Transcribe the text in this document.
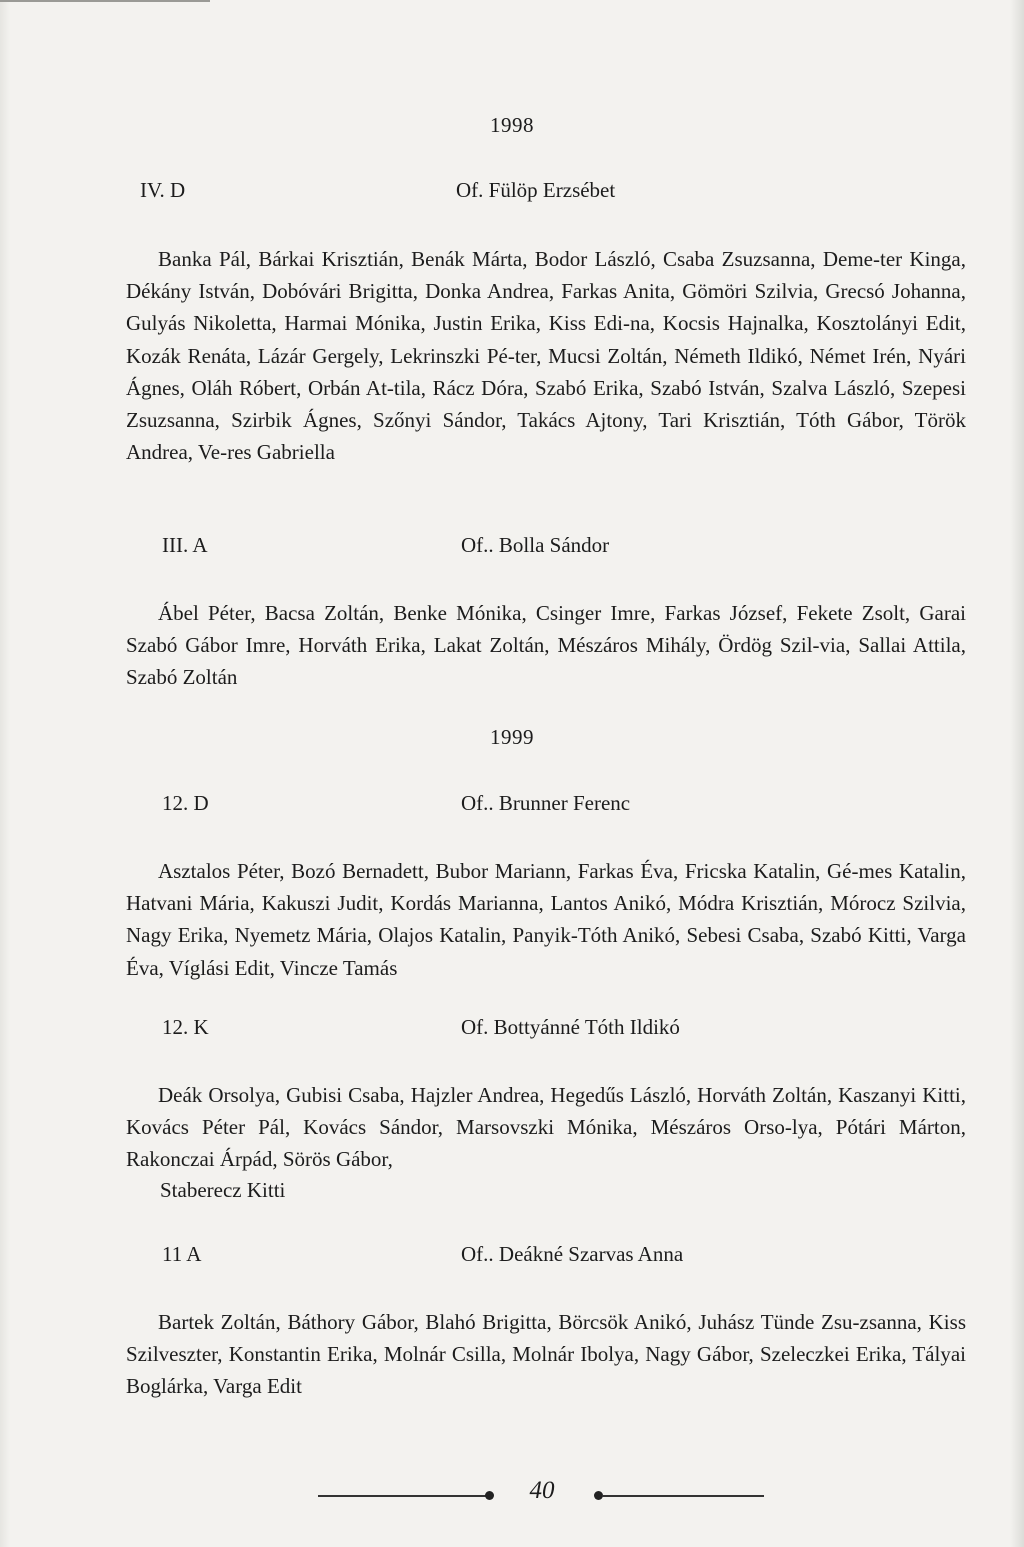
1998
IV. D	Of. Fülöp Erzsébet

Banka Pál, Bárkai Krisztián, Benák Márta, Bodor László, Csaba Zsuzsanna, Deme-ter Kinga, Dékány István, Dobóvári Brigitta, Donka Andrea, Farkas Anita, Gömöri Szilvia, Grecsó Johanna, Gulyás Nikoletta, Harmai Mónika, Justin Erika, Kiss Edi-na, Kocsis Hajnalka, Kosztolányi Edit, Kozák Renáta, Lázár Gergely, Lekrinszki Pé-ter, Mucsi Zoltán, Németh Ildikó, Német Irén, Nyári Ágnes, Oláh Róbert, Orbán At-tila, Rácz Dóra, Szabó Erika, Szabó István, Szalva László, Szepesi Zsuzsanna, Szirbik Ágnes, Szőnyi Sándor, Takács Ajtony, Tari Krisztián, Tóth Gábor, Török Andrea, Ve-res Gabriella

III. A	Of.. Bolla Sándor

Ábel Péter, Bacsa Zoltán, Benke Mónika, Csinger Imre, Farkas József, Fekete Zsolt, Garai Szabó Gábor Imre, Horváth Erika, Lakat Zoltán, Mészáros Mihály, Ördög Szil-via, Sallai Attila, Szabó Zoltán

1999
12. D	Of.. Brunner Ferenc

Asztalos Péter, Bozó Bernadett, Bubor Mariann, Farkas Éva, Fricska Katalin, Gé-mes Katalin, Hatvani Mária, Kakuszi Judit, Kordás Marianna, Lantos Anikó, Módra Krisztián, Mórocz Szilvia, Nagy Erika, Nyemetz Mária, Olajos Katalin, Panyik-Tóth Anikó, Sebesi Csaba, Szabó Kitti, Varga Éva, Víglási Edit, Vincze Tamás

12. K	Of. Bottyánné Tóth Ildikó

Deák Orsolya, Gubisi Csaba, Hajzler Andrea, Hegedűs László, Horváth Zoltán, Kaszanyi Kitti, Kovács Péter Pál, Kovács Sándor, Marsovszki Mónika, Mészáros Orso-lya, Pótári Márton, Rakonczai Árpád, Sörös Gábor,

Staberecz Kitti
11 A	Of.. Deákné Szarvas Anna

Bartek Zoltán, Báthory Gábor, Blahó Brigitta, Börcsök Anikó, Juhász Tünde Zsu-zsanna, Kiss Szilveszter, Konstantin Erika, Molnár Csilla, Molnár Ibolya, Nagy Gábor, Szeleczkei Erika, Tályai Boglárka, Varga Edit

40
